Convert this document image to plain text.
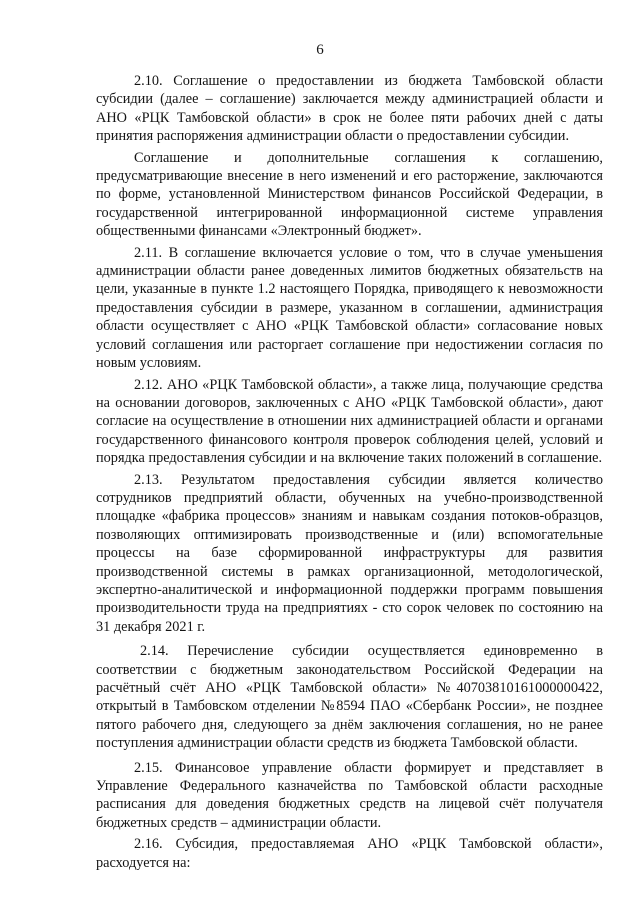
6

2.10. Соглашение о предоставлении из бюджета Тамбовской области субсидии (далее – соглашение) заключается между администрацией области и АНО «РЦК Тамбовской области» в срок не более пяти рабочих дней с даты принятия распоряжения администрации области о предоставлении субсидии.

Соглашение и дополнительные соглашения к соглашению, предусматривающие внесение в него изменений и его расторжение, заключаются по форме, установленной Министерством финансов Российской Федерации, в государственной интегрированной информационной системе управления общественными финансами «Электронный бюджет».

2.11. В соглашение включается условие о том, что в случае уменьшения администрации области ранее доведенных лимитов бюджетных обязательств на цели, указанные в пункте 1.2 настоящего Порядка, приводящего к невозможности предоставления субсидии в размере, указанном в соглашении, администрация области осуществляет с АНО «РЦК Тамбовской области» согласование новых условий соглашения или расторгает соглашение при недостижении согласия по новым условиям.

2.12. АНО «РЦК Тамбовской области», а также лица, получающие средства на основании договоров, заключенных с АНО «РЦК Тамбовской области», дают согласие на осуществление в отношении них администрацией области и органами государственного финансового контроля проверок соблюдения целей, условий и порядка предоставления субсидии и на включение таких положений в соглашение.

2.13. Результатом предоставления субсидии является количество сотрудников предприятий области, обученных на учебно-производственной площадке «фабрика процессов» знаниям и навыкам создания потоков-образцов, позволяющих оптимизировать производственные и (или) вспомогательные процессы на базе сформированной инфраструктуры для развития производственной системы в рамках организационной, методологической, экспертно-аналитической и информационной поддержки программ повышения производительности труда на предприятиях - сто сорок человек по состоянию на 31 декабря 2021 г.

2.14. Перечисление субсидии осуществляется единовременно в соответствии с бюджетным законодательством Российской Федерации на расчётный счёт АНО «РЦК Тамбовской области» №40703810161000000422, открытый в Тамбовском отделении №8594 ПАО «Сбербанк России», не позднее пятого рабочего дня, следующего за днём заключения соглашения, но не ранее поступления администрации области средств из бюджета Тамбовской области.

2.15. Финансовое управление области формирует и представляет в Управление Федерального казначейства по Тамбовской области расходные расписания для доведения бюджетных средств на лицевой счёт получателя бюджетных средств – администрации области.

2.16. Субсидия, предоставляемая АНО «РЦК Тамбовской области», расходуется на:
